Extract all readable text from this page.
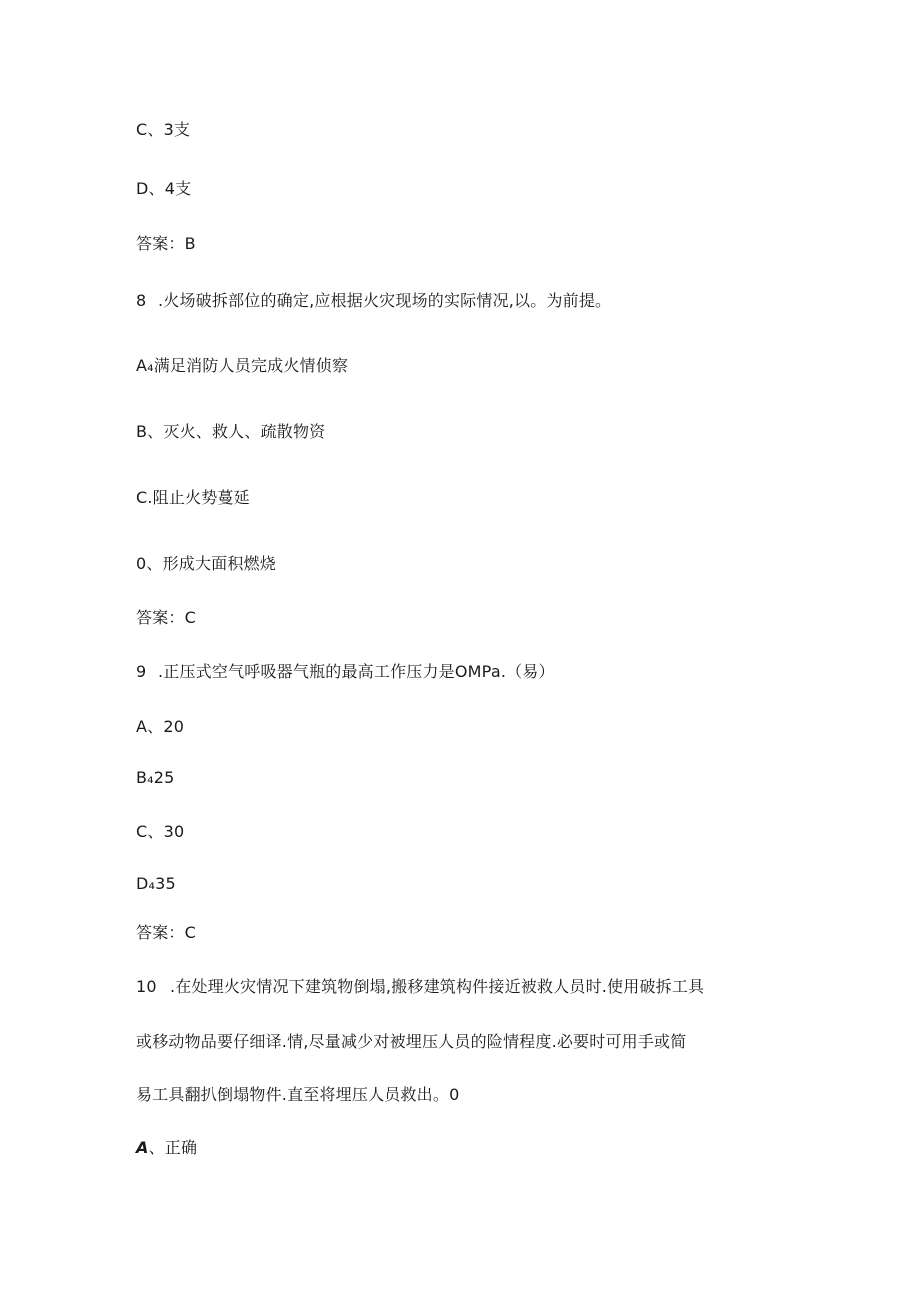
C、3支
D、4支
答案：B
8 .火场破拆部位的确定,应根据火灾现场的实际情况,以。为前提。
A₄满足消防人员完成火情侦察
B、灭火、救人、疏散物资
C.阻止火势蔓延
0、形成大面积燃烧
答案：C
9 .正压式空气呼吸器气瓶的最高工作压力是OMPa.（易）
A、20
B₄25
C、30
D₄35
答案：C
10 .在处理火灾情况下建筑物倒塌,搬移建筑构件接近被救人员时.使用破拆工具
或移动物品要仔细译.情,尽量减少对被埋压人员的险情程度.必要时可用手或简
易工具翻扒倒塌物件.直至将埋压人员救出。0
A、正确
